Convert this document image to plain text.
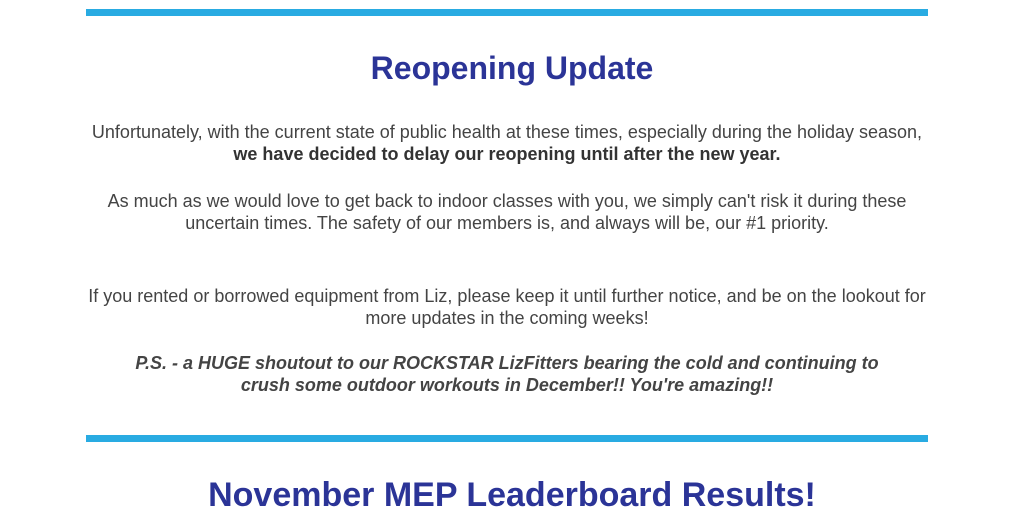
Reopening Update

Unfortunately, with the current state of public health at these times, especially during the holiday season, we have decided to delay our reopening until after the new year.

As much as we would love to get back to indoor classes with you, we simply can't risk it during these uncertain times. The safety of our members is, and always will be, our #1 priority.

If you rented or borrowed equipment from Liz, please keep it until further notice, and be on the lookout for more updates in the coming weeks!

P.S. - a HUGE shoutout to our ROCKSTAR LizFitters bearing the cold and continuing to crush some outdoor workouts in December!! You're amazing!!

November MEP Leaderboard Results!
